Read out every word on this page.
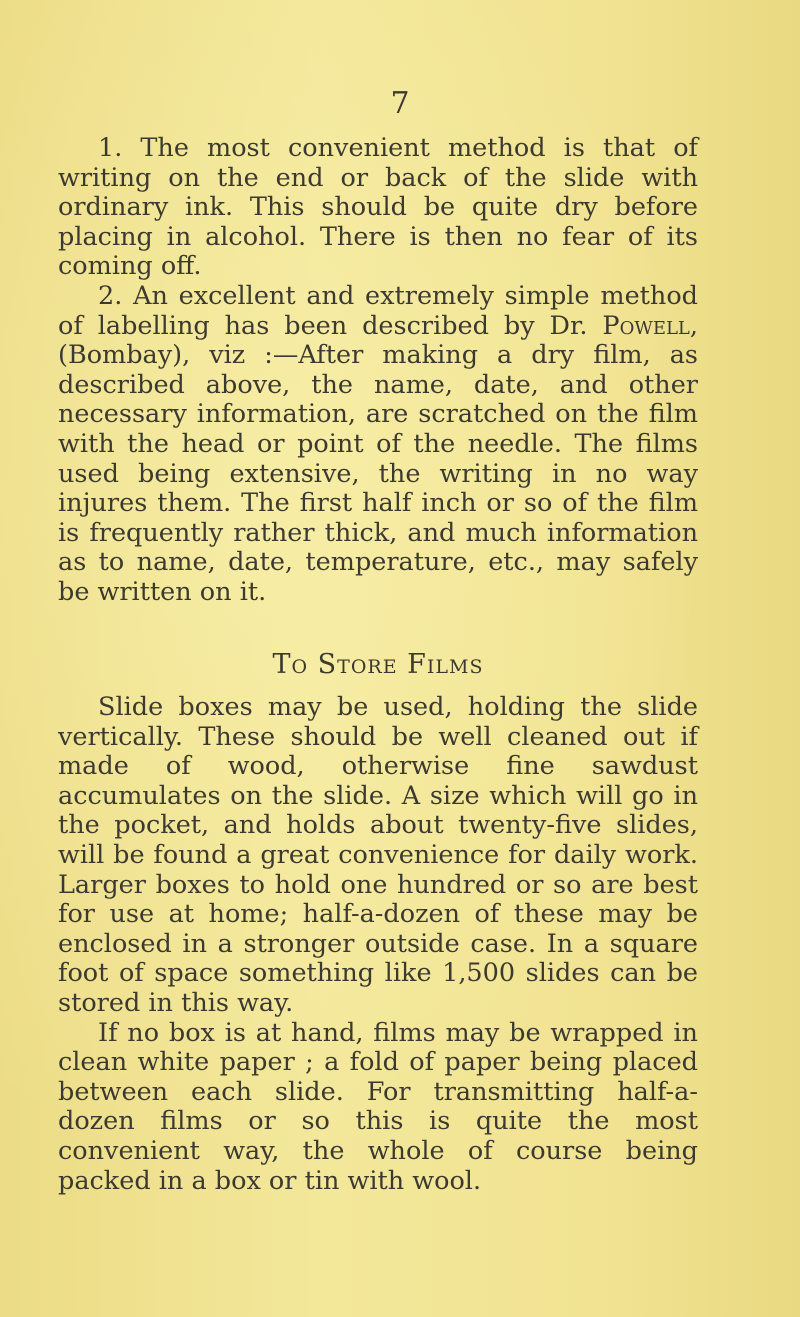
7

1. The most convenient method is that of writing on the end or back of the slide with ordinary ink. This should be quite dry before placing in alcohol. There is then no fear of its coming off.

2. An excellent and extremely simple method of labelling has been described by Dr. Powell, (Bombay), viz :—After making a dry film, as described above, the name, date, and other necessary information, are scratched on the film with the head or point of the needle. The films used being extensive, the writing in no way injures them. The first half inch or so of the film is frequently rather thick, and much information as to name, date, temperature, etc., may safely be written on it.

To Store Films

Slide boxes may be used, holding the slide vertically. These should be well cleaned out if made of wood, otherwise fine sawdust accumulates on the slide. A size which will go in the pocket, and holds about twenty-five slides, will be found a great convenience for daily work. Larger boxes to hold one hundred or so are best for use at home; half-a-dozen of these may be enclosed in a stronger outside case. In a square foot of space something like 1,500 slides can be stored in this way.

If no box is at hand, films may be wrapped in clean white paper ; a fold of paper being placed between each slide. For transmitting half-a-dozen films or so this is quite the most convenient way, the whole of course being packed in a box or tin with wool.
